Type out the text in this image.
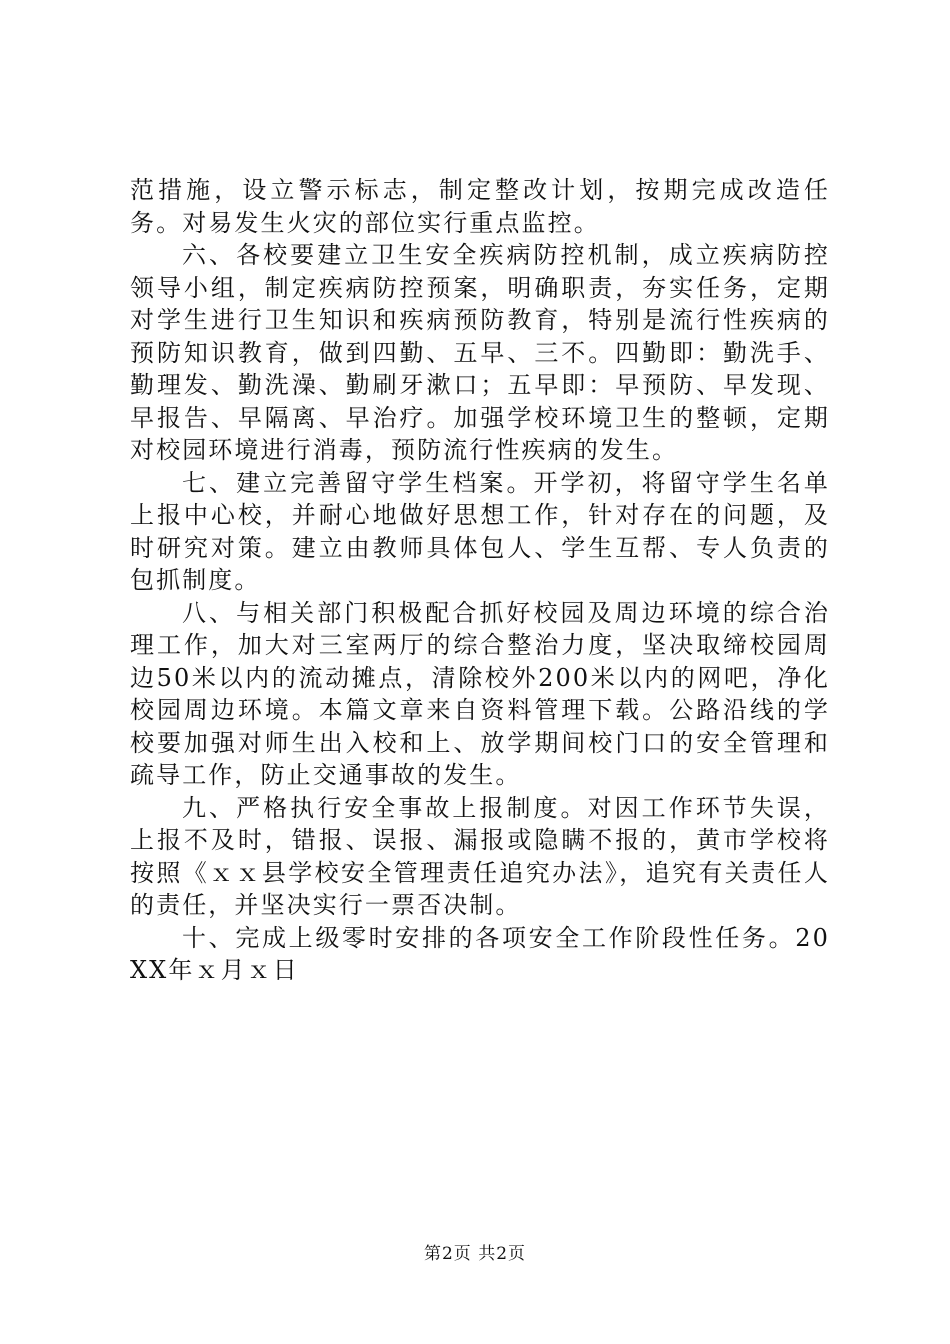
范措施，设立警示标志，制定整改计划，按期完成改造任务。对易发生火灾的部位实行重点监控。

六、各校要建立卫生安全疾病防控机制，成立疾病防控领导小组，制定疾病防控预案，明确职责，夯实任务，定期对学生进行卫生知识和疾病预防教育，特别是流行性疾病的预防知识教育，做到四勤、五早、三不。四勤即：勤洗手、勤理发、勤洗澡、勤刷牙漱口；五早即：早预防、早发现、早报告、早隔离、早治疗。加强学校环境卫生的整顿，定期对校园环境进行消毒，预防流行性疾病的发生。

七、建立完善留守学生档案。开学初，将留守学生名单上报中心校，并耐心地做好思想工作，针对存在的问题，及时研究对策。建立由教师具体包人、学生互帮、专人负责的包抓制度。

八、与相关部门积极配合抓好校园及周边环境的综合治理工作，加大对三室两厅的综合整治力度，坚决取缔校园周边50米以内的流动摊点，清除校外200米以内的网吧，净化校园周边环境。本篇文章来自资料管理下载。公路沿线的学校要加强对师生出入校和上、放学期间校门口的安全管理和疏导工作，防止交通事故的发生。

九、严格执行安全事故上报制度。对因工作环节失误，上报不及时，错报、误报、漏报或隐瞒不报的，黄市学校将按照《ｘｘ县学校安全管理责任追究办法》，追究有关责任人的责任，并坚决实行一票否决制。

十、完成上级零时安排的各项安全工作阶段性任务。20XX年ｘ月ｘ日

第2页 共2页
